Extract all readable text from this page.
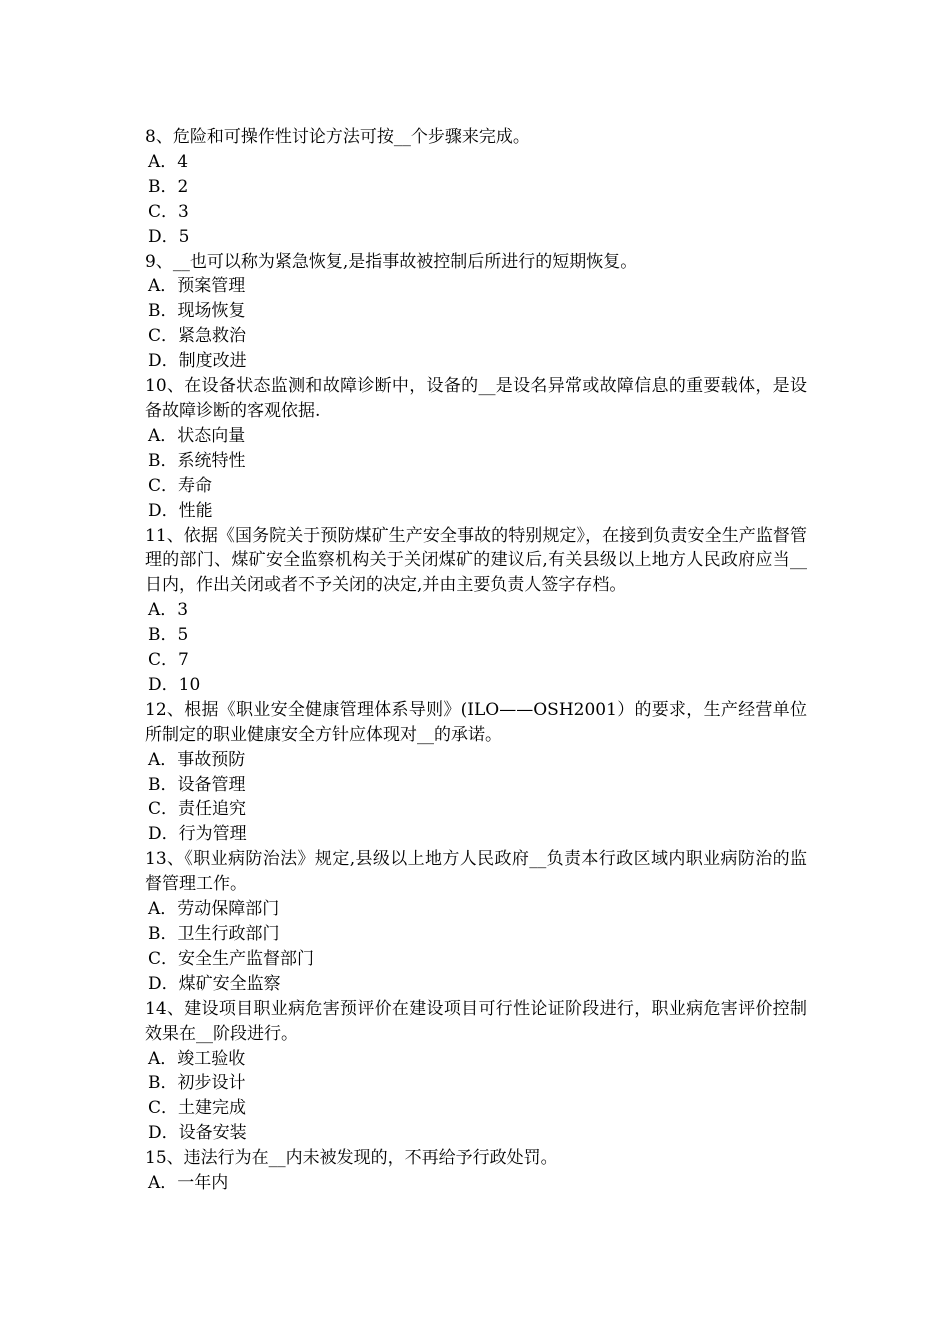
8、危险和可操作性讨论方法可按__个步骤来完成。

A．4

B．2

C．3

D．5

9、__也可以称为紧急恢复,是指事故被控制后所进行的短期恢复。

A．预案管理

B．现场恢复

C．紧急救治

D．制度改进

10、在设备状态监测和故障诊断中，设备的__是设名异常或故障信息的重要载体，是设备故障诊断的客观依据.

A．状态向量

B．系统特性

C．寿命

D．性能

11、依据《国务院关于预防煤矿生产安全事故的特别规定》，在接到负责安全生产监督管理的部门、煤矿安全监察机构关于关闭煤矿的建议后,有关县级以上地方人民政府应当__日内，作出关闭或者不予关闭的决定,并由主要负责人签字存档。

A．3

B．5

C．7

D．10

12、根据《职业安全健康管理体系导则》(ILO——OSH2001）的要求，生产经营单位所制定的职业健康安全方针应体现对__的承诺。

A．事故预防

B．设备管理

C．责任追究

D．行为管理

13、《职业病防治法》规定,县级以上地方人民政府__负责本行政区域内职业病防治的监督管理工作。

A．劳动保障部门

B．卫生行政部门

C．安全生产监督部门

D．煤矿安全监察

14、建设项目职业病危害预评价在建设项目可行性论证阶段进行，职业病危害评价控制效果在__阶段进行。

A．竣工验收

B．初步设计

C．土建完成

D．设备安装

15、违法行为在__内未被发现的，不再给予行政处罚。

A．一年内
